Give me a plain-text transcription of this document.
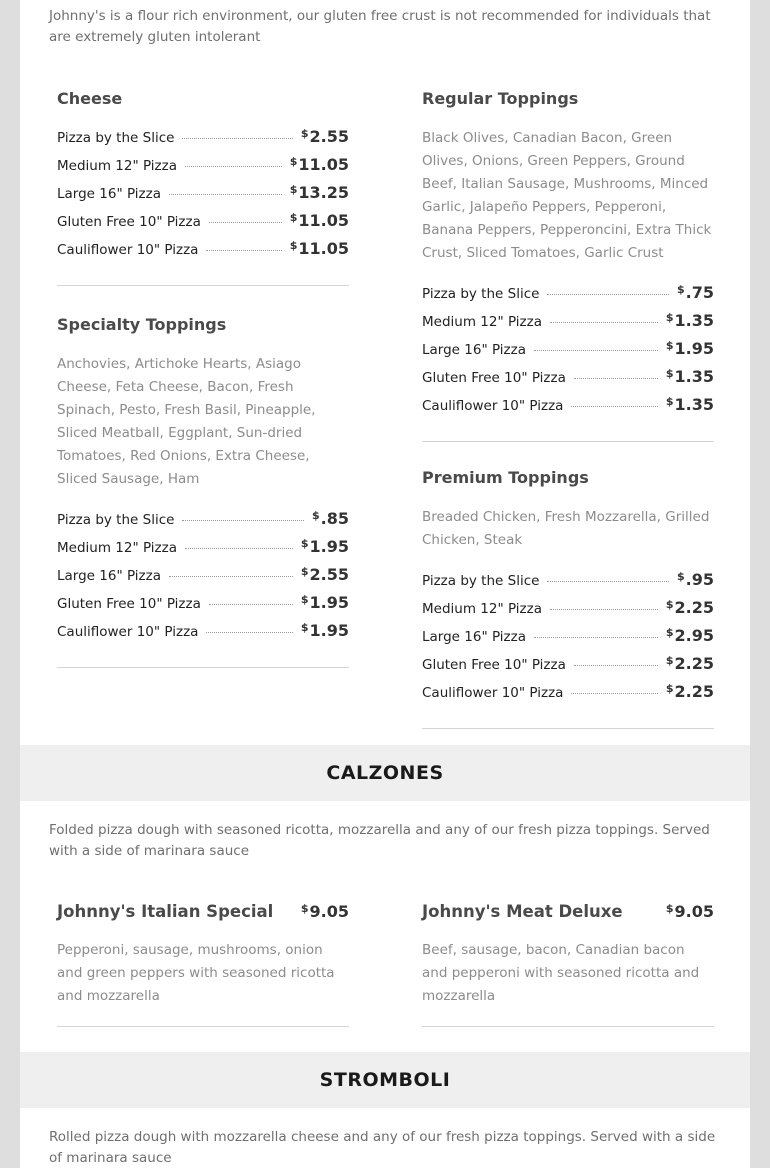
Johnny's is a flour rich environment, our gluten free crust is not recommended for individuals that are extremely gluten intolerant

Cheese
Pizza by the Slice	$2.55
Medium 12" Pizza	$11.05
Large 16" Pizza	$13.25
Gluten Free 10" Pizza	$11.05
Cauliflower 10" Pizza	$11.05
Specialty Toppings

Anchovies, Artichoke Hearts, Asiago Cheese, Feta Cheese, Bacon, Fresh Spinach, Pesto, Fresh Basil, Pineapple, Sliced Meatball, Eggplant, Sun-dried Tomatoes, Red Onions, Extra Cheese, Sliced Sausage, Ham

Pizza by the Slice	$.85
Medium 12" Pizza	$1.95
Large 16" Pizza	$2.55
Gluten Free 10" Pizza	$1.95
Cauliflower 10" Pizza	$1.95
Regular Toppings

Black Olives, Canadian Bacon, Green Olives, Onions, Green Peppers, Ground Beef, Italian Sausage, Mushrooms, Minced Garlic, Jalapeño Peppers, Pepperoni, Banana Peppers, Pepperoncini, Extra Thick Crust, Sliced Tomatoes, Garlic Crust

Pizza by the Slice	$.75
Medium 12" Pizza	$1.35
Large 16" Pizza	$1.95
Gluten Free 10" Pizza	$1.35
Cauliflower 10" Pizza	$1.35
Premium Toppings

Breaded Chicken, Fresh Mozzarella, Grilled Chicken, Steak

Pizza by the Slice	$.95
Medium 12" Pizza	$2.25
Large 16" Pizza	$2.95
Gluten Free 10" Pizza	$2.25
Cauliflower 10" Pizza	$2.25
CALZONES

Folded pizza dough with seasoned ricotta, mozzarella and any of our fresh pizza toppings. Served with a side of marinara sauce

Johnny's Italian Special	$9.05

Pepperoni, sausage, mushrooms, onion and green peppers with seasoned ricotta and mozzarella

Johnny's Meat Deluxe	$9.05

Beef, sausage, bacon, Canadian bacon and pepperoni with seasoned ricotta and mozzarella

STROMBOLI

Rolled pizza dough with mozzarella cheese and any of our fresh pizza toppings. Served with a side of marinara sauce
